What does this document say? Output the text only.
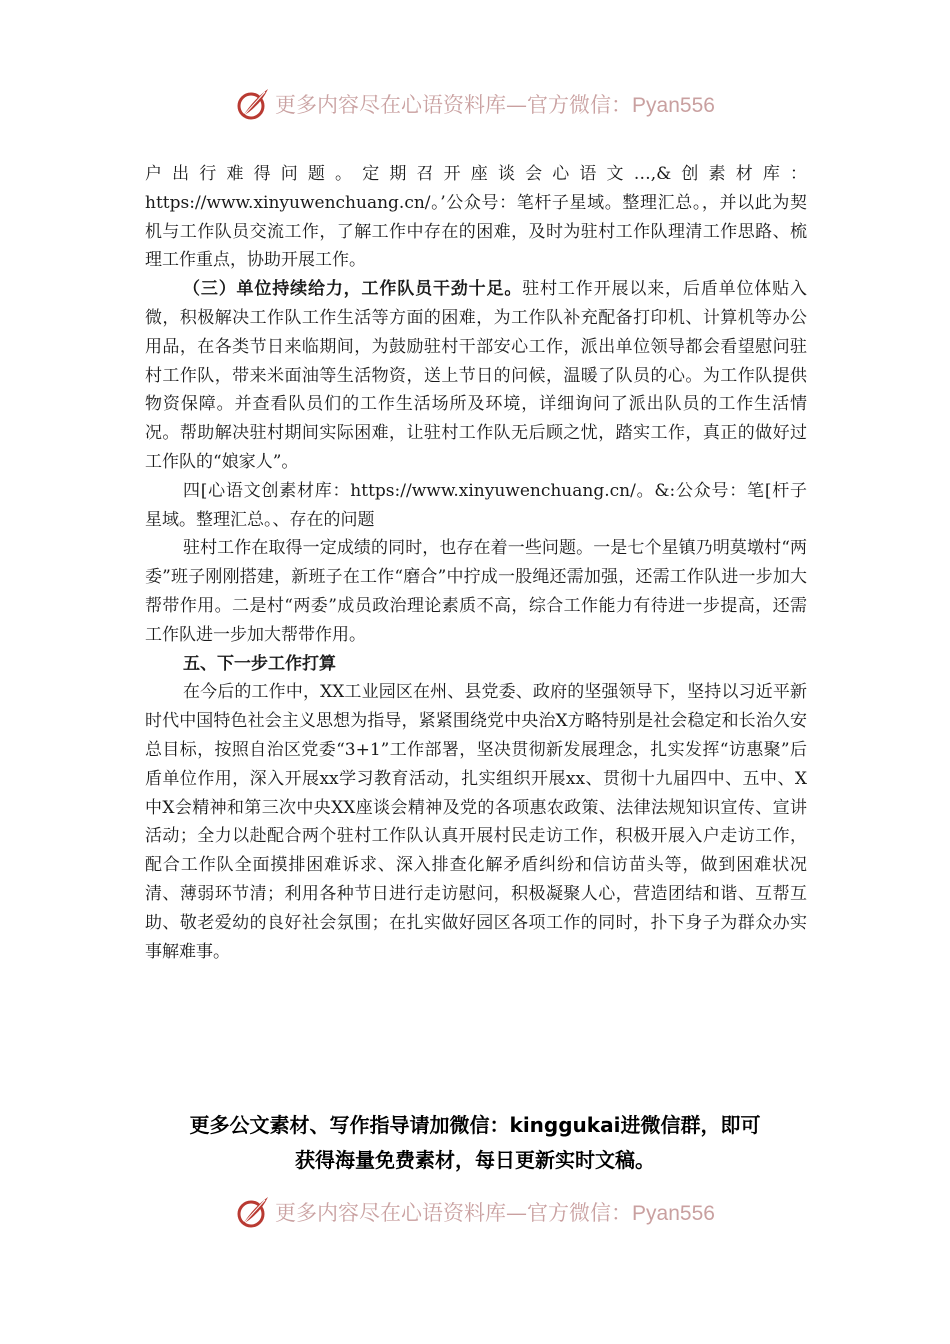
更多内容尽在心语资料库—官方微信：Pyan556

户出行难得问题。定期召开座谈会心语文…,&创素材库：https://www.xinyuwenchuang.cn/。’公众号：笔杆子星域。整理汇总。，并以此为契机与工作队员交流工作，了解工作中存在的困难，及时为驻村工作队理清工作思路、梳理工作重点，协助开展工作。

（三）单位持续给力，工作队员干劲十足。驻村工作开展以来，后盾单位体贴入微，积极解决工作队工作生活等方面的困难，为工作队补充配备打印机、计算机等办公用品，在各类节日来临期间，为鼓励驻村干部安心工作，派出单位领导都会看望慰问驻村工作队，带来米面油等生活物资，送上节日的问候，温暖了队员的心。为工作队提供物资保障。并查看队员们的工作生活场所及环境，详细询问了派出队员的工作生活情况。帮助解决驻村期间实际困难，让驻村工作队无后顾之忧，踏实工作，真正的做好过工作队的“娘家人”。

四[心语文创素材库：https://www.xinyuwenchuang.cn/。&:公众号：笔[杆子星域。整理汇总。、存在的问题

驻村工作在取得一定成绩的同时，也存在着一些问题。一是七个星镇乃明莫墩村“两委”班子刚刚搭建，新班子在工作“磨合”中拧成一股绳还需加强，还需工作队进一步加大帮带作用。二是村“两委”成员政治理论素质不高，综合工作能力有待进一步提高，还需工作队进一步加大帮带作用。

五、下一步工作打算

在今后的工作中，XX工业园区在州、县党委、政府的坚强领导下，坚持以习近平新时代中国特色社会主义思想为指导，紧紧围绕党中央治X方略特别是社会稳定和长治久安总目标，按照自治区党委“3+1”工作部署，坚决贯彻新发展理念，扎实发挥“访惠聚”后盾单位作用，深入开展xx学习教育活动，扎实组织开展xx、贯彻十九届四中、五中、X中X会精神和第三次中央XX座谈会精神及党的各项惠农政策、法律法规知识宣传、宣讲活动；全力以赴配合两个驻村工作队认真开展村民走访工作，积极开展入户走访工作，配合工作队全面摸排困难诉求、深入排查化解矛盾纠纷和信访苗头等，做到困难状况清、薄弱环节清；利用各种节日进行走访慰问，积极凝聚人心，营造团结和谐、互帮互助、敬老爱幼的良好社会氛围；在扎实做好园区各项工作的同时，扑下身子为群众办实事解难事。

更多公文素材、写作指导请加微信：kinggukai进微信群，即可
获得海量免费素材，每日更新实时文稿。
更多内容尽在心语资料库—官方微信：Pyan556
